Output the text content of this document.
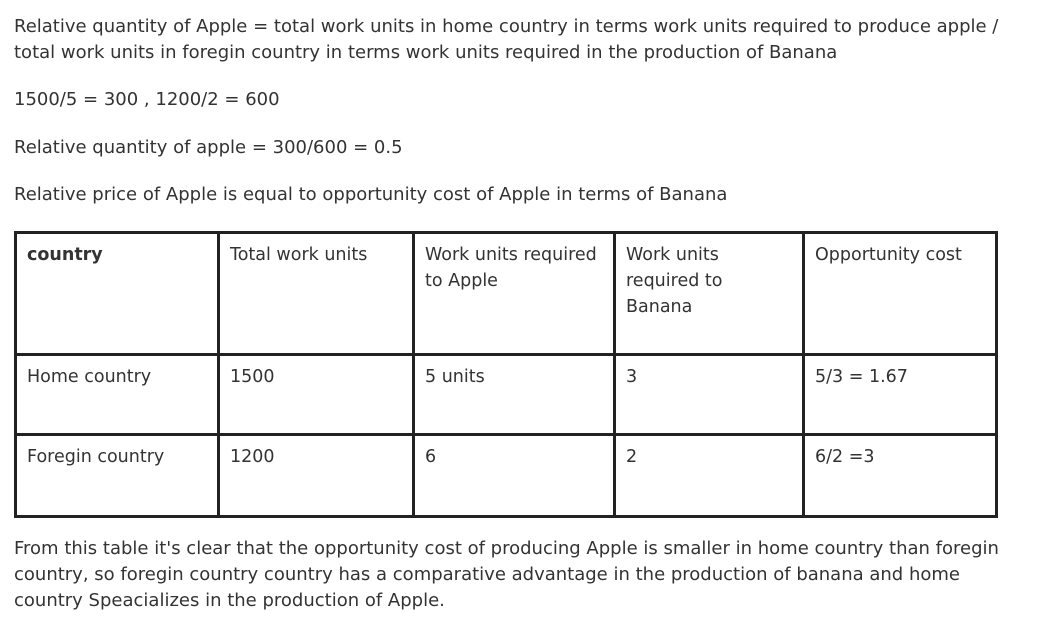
Relative quantity of Apple = total work units in home country in terms work units required to produce apple / total work units in foregin country in terms work units required in the production of Banana

1500/5 = 300 , 1200/2 = 600

Relative quantity of apple = 300/600 = 0.5

Relative price of Apple is equal to opportunity cost of Apple in terms of Banana

country	Total work units	Work units required to Apple	Work units required to Banana	Opportunity cost
Home country	1500	5 units	3	5/3 = 1.67
Foregin country	1200	6	2	6/2 =3

From this table it's clear that the opportunity cost of producing Apple is smaller in home country than foregin country, so foregin country country has a comparative advantage in the production of banana and home country Speacializes in the production of Apple.
